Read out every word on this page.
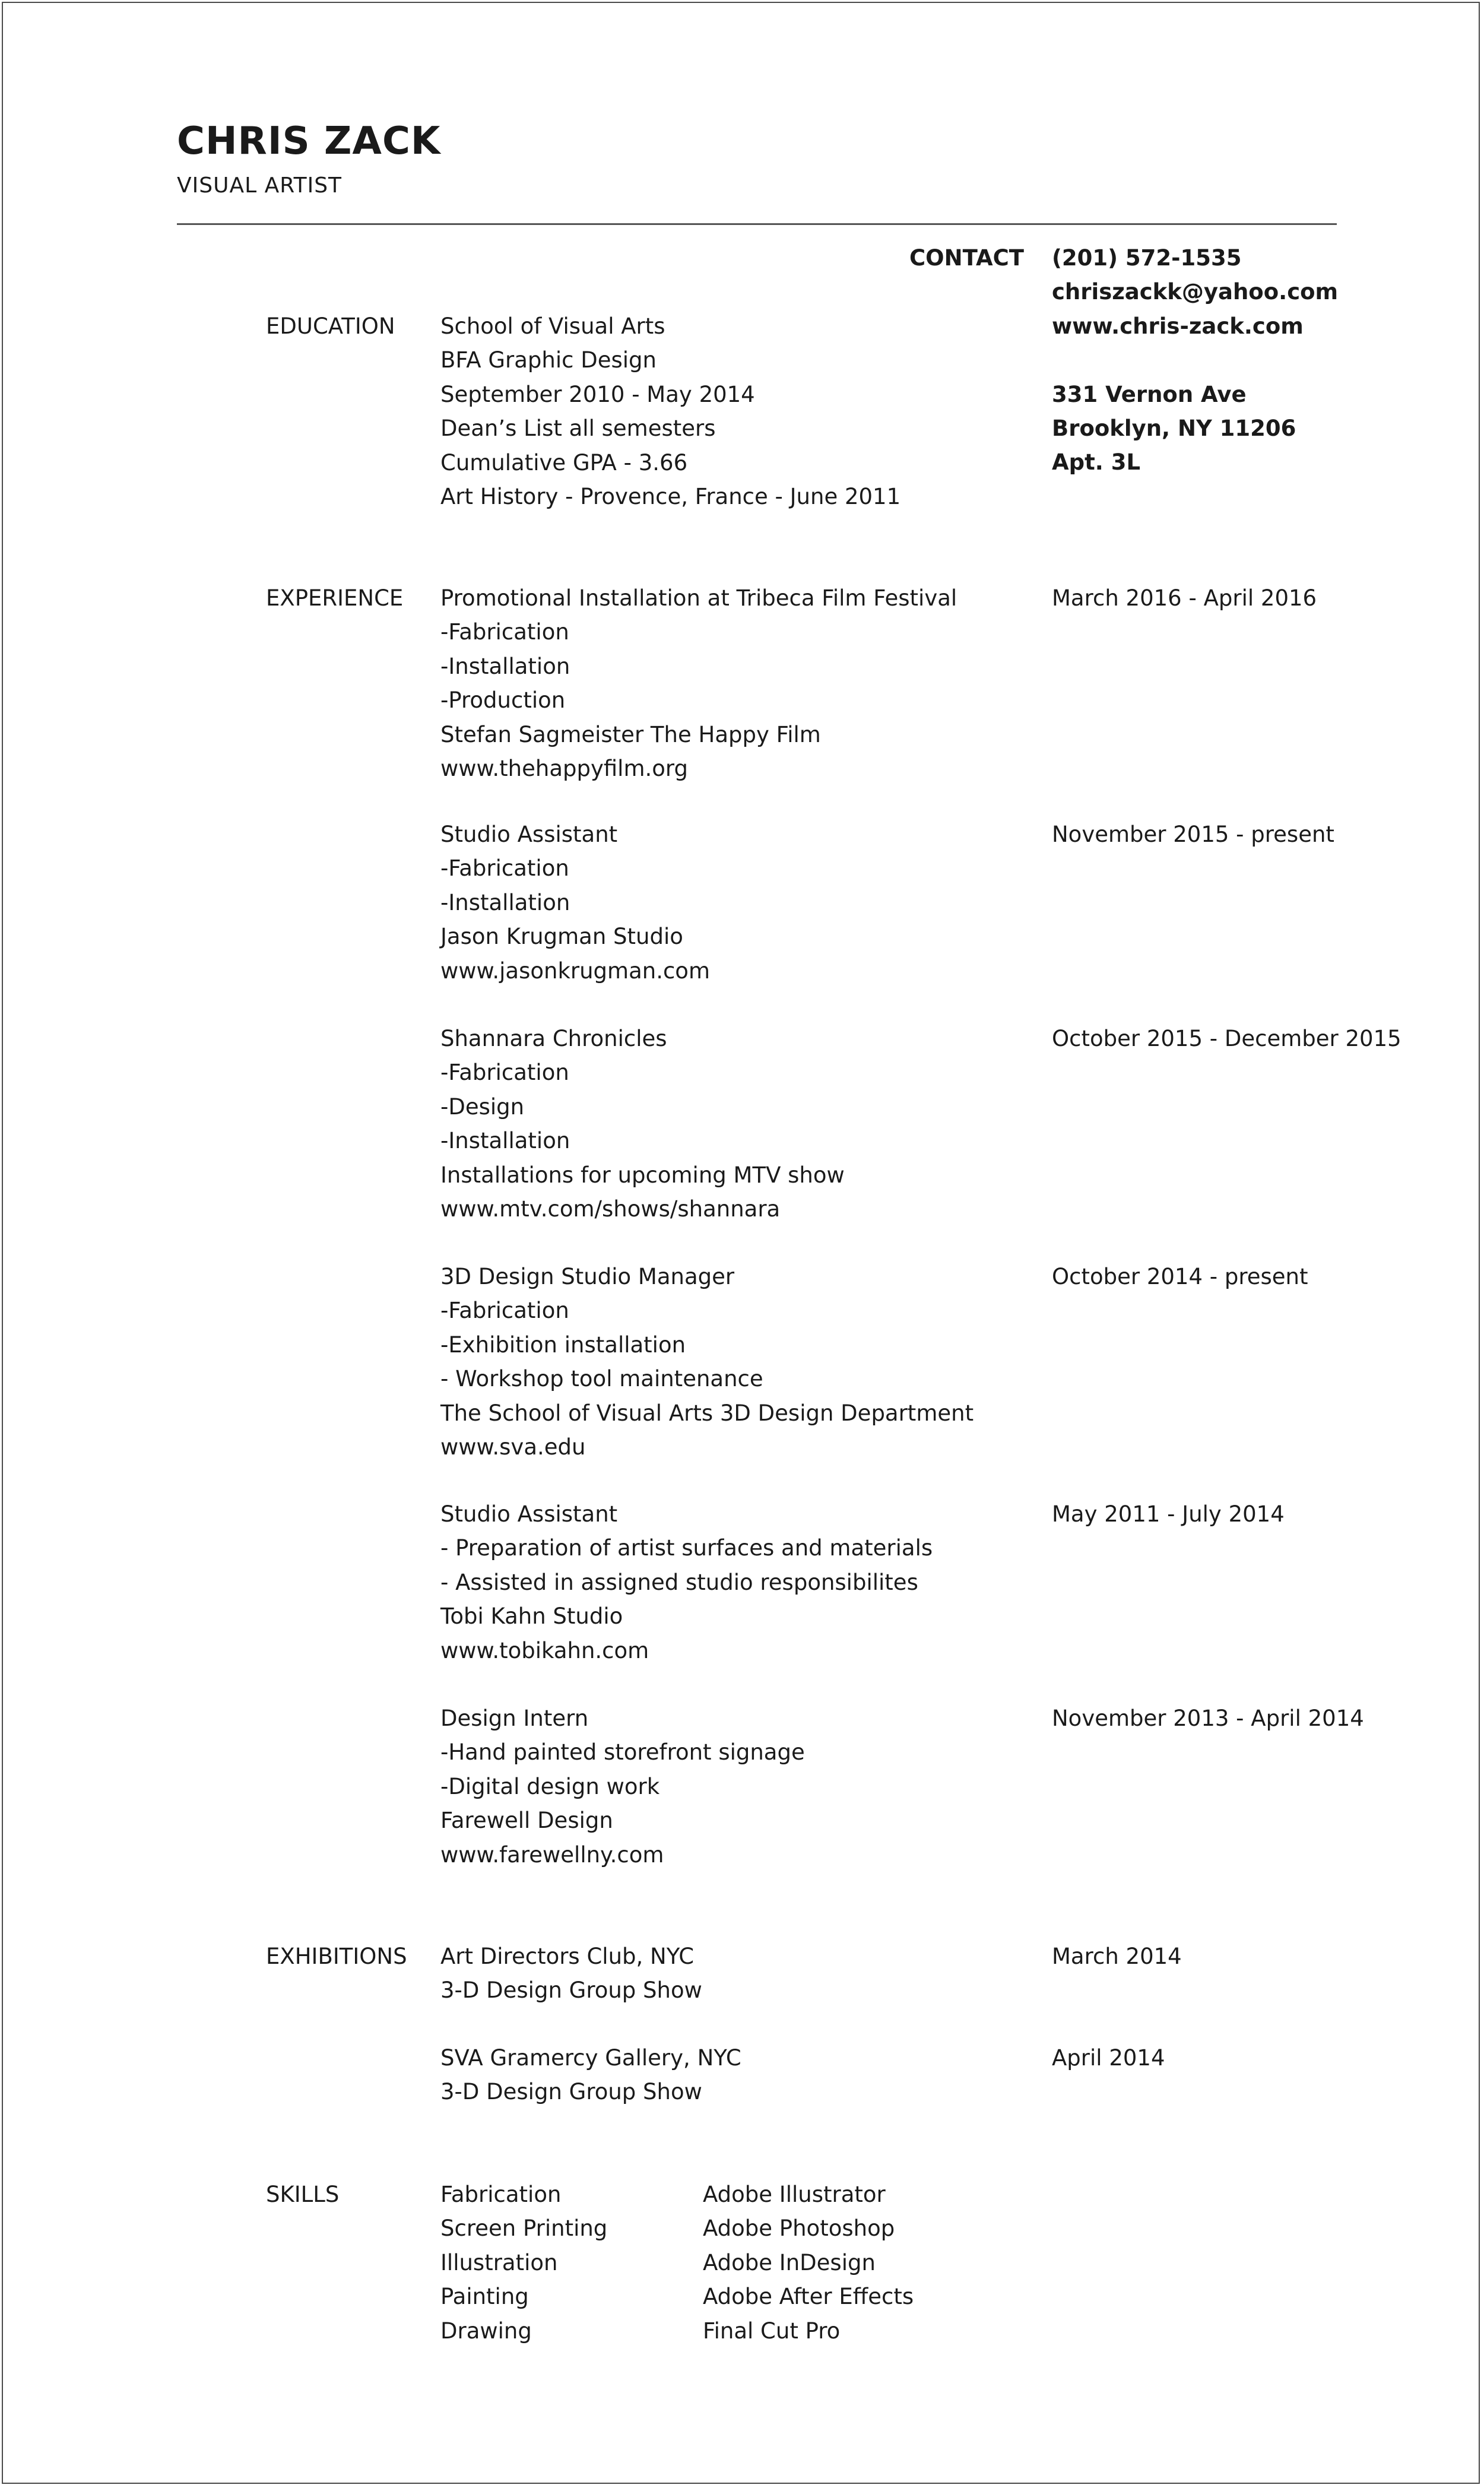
CHRIS ZACK
VISUAL ARTIST
CONTACT (201) 572-1535
chriszackk@yahoo.com
www.chris-zack.com
331 Vernon Ave
Brooklyn, NY 11206
Apt. 3L
EDUCATION School of Visual Arts
BFA Graphic Design
September 2010 - May 2014
Dean’s List all semesters
Cumulative GPA - 3.66
Art History - Provence, France - June 2011
EXPERIENCE Promotional Installation at Tribeca Film Festival
-Fabrication
-Installation
-Production
Stefan Sagmeister The Happy Film
www.thehappyfilm.org
March 2016 - April 2016
Studio Assistant
-Fabrication
-Installation
Jason Krugman Studio
www.jasonkrugman.com
November 2015 - present
Shannara Chronicles
-Fabrication
-Design
-Installation
Installations for upcoming MTV show
www.mtv.com/shows/shannara
October 2015 - December 2015
3D Design Studio Manager
-Fabrication
-Exhibition installation
- Workshop tool maintenance
The School of Visual Arts 3D Design Department
www.sva.edu
October 2014 - present
Studio Assistant
- Preparation of artist surfaces and materials
- Assisted in assigned studio responsibilites
Tobi Kahn Studio
www.tobikahn.com
May 2011 - July 2014
Design Intern
-Hand painted storefront signage
-Digital design work
Farewell Design
www.farewellny.com
November 2013 - April 2014
EXHIBITIONS Art Directors Club, NYC
3-D Design Group Show
March 2014
SVA Gramercy Gallery, NYC
3-D Design Group Show
April 2014
SKILLS	Fabrication
Screen Printing
Illustration
Painting
Drawing
Adobe Illustrator
Adobe Photoshop
Adobe InDesign
Adobe After Effects
Final Cut Pro
